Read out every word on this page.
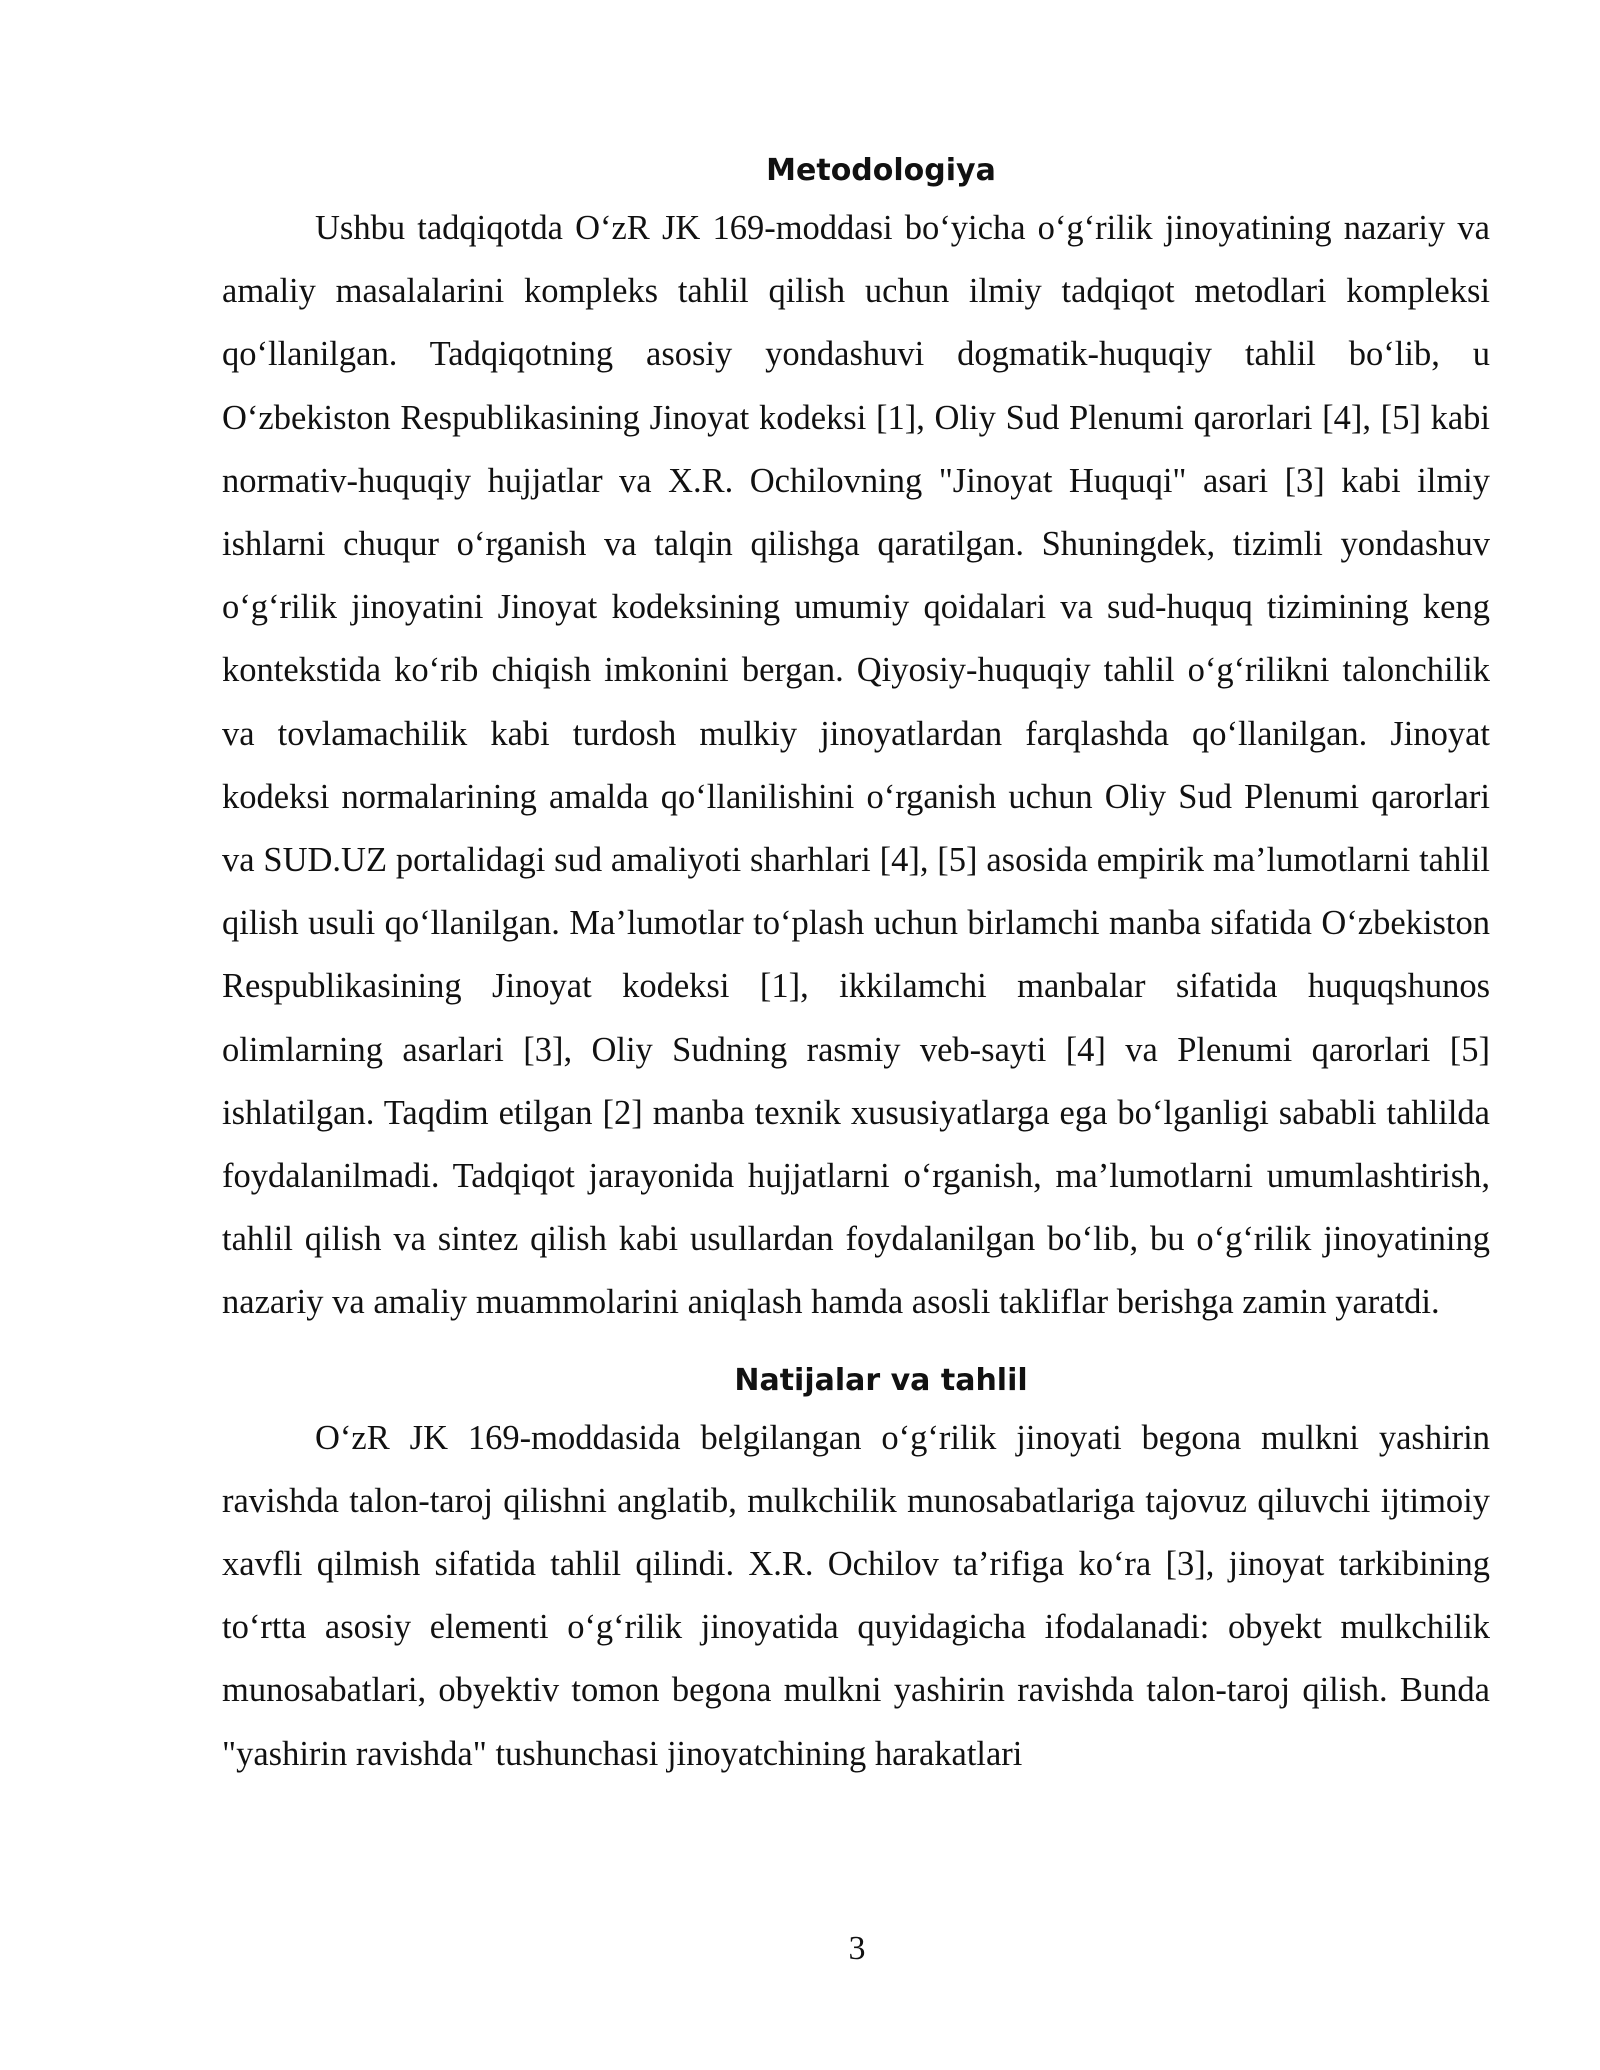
Metodologiya

Ushbu tadqiqotda O‘zR JK 169-moddasi bo‘yicha o‘g‘rilik jinoyatining nazariy va amaliy masalalarini kompleks tahlil qilish uchun ilmiy tadqiqot metodlari kompleksi qo‘llanilgan. Tadqiqotning asosiy yondashuvi dogmatik-huquqiy tahlil bo‘lib, u O‘zbekiston Respublikasining Jinoyat kodeksi [1], Oliy Sud Plenumi qarorlari [4], [5] kabi normativ-huquqiy hujjatlar va X.R. Ochilovning "Jinoyat Huquqi" asari [3] kabi ilmiy ishlarni chuqur o‘rganish va talqin qilishga qaratilgan. Shuningdek, tizimli yondashuv o‘g‘rilik jinoyatini Jinoyat kodeksining umumiy qoidalari va sud-huquq tizimining keng kontekstida ko‘rib chiqish imkonini bergan. Qiyosiy-huquqiy tahlil o‘g‘rilikni talonchilik va tovlamachilik kabi turdosh mulkiy jinoyatlardan farqlashda qo‘llanilgan. Jinoyat kodeksi normalarining amalda qo‘llanilishini o‘rganish uchun Oliy Sud Plenumi qarorlari va SUD.UZ portalidagi sud amaliyoti sharhlari [4], [5] asosida empirik ma’lumotlarni tahlil qilish usuli qo‘llanilgan. Ma’lumotlar to‘plash uchun birlamchi manba sifatida O‘zbekiston Respublikasining Jinoyat kodeksi [1], ikkilamchi manbalar sifatida huquqshunos olimlarning asarlari [3], Oliy Sudning rasmiy veb-sayti [4] va Plenumi qarorlari [5] ishlatilgan. Taqdim etilgan [2] manba texnik xususiyatlarga ega bo‘lganligi sababli tahlilda foydalanilmadi. Tadqiqot jarayonida hujjatlarni o‘rganish, ma’lumotlarni umumlashtirish, tahlil qilish va sintez qilish kabi usullardan foydalanilgan bo‘lib, bu o‘g‘rilik jinoyatining nazariy va amaliy muammolarini aniqlash hamda asosli takliflar berishga zamin yaratdi.

Natijalar va tahlil

O‘zR JK 169-moddasida belgilangan o‘g‘rilik jinoyati begona mulkni yashirin ravishda talon-taroj qilishni anglatib, mulkchilik munosabatlariga tajovuz qiluvchi ijtimoiy xavfli qilmish sifatida tahlil qilindi. X.R. Ochilov ta’rifiga ko‘ra [3], jinoyat tarkibining to‘rtta asosiy elementi o‘g‘rilik jinoyatida quyidagicha ifodalanadi: obyekt mulkchilik munosabatlari, obyektiv tomon begona mulkni yashirin ravishda talon-taroj qilish. Bunda "yashirin ravishda" tushunchasi jinoyatchining harakatlari

3
